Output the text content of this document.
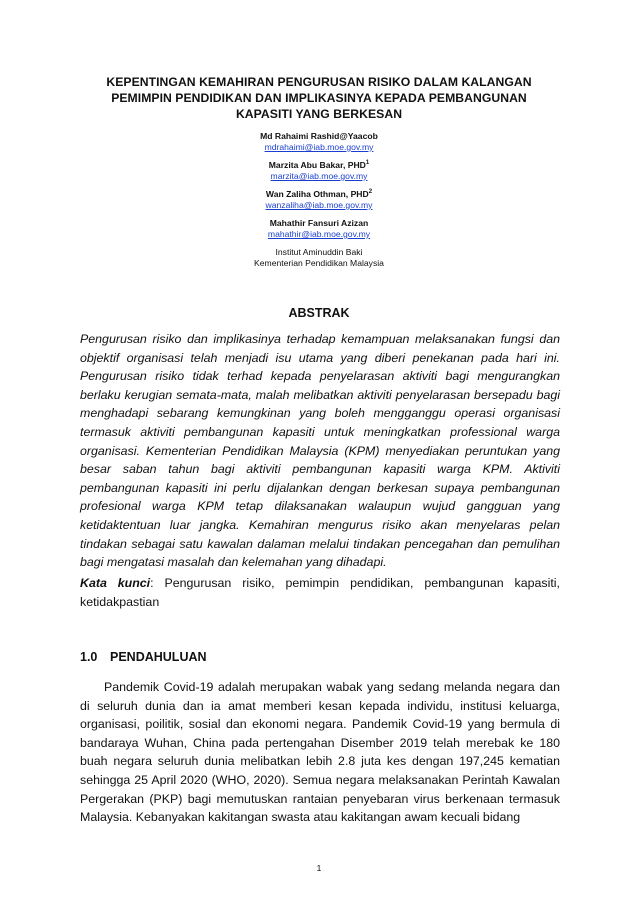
KEPENTINGAN KEMAHIRAN PENGURUSAN RISIKO DALAM KALANGAN
PEMIMPIN PENDIDIKAN DAN IMPLIKASINYA KEPADA PEMBANGUNAN
KAPASITI YANG BERKESAN
Md Rahaimi Rashid@Yaacob
mdrahaimi@iab.moe.gov.my
Marzita Abu Bakar, PHD$^1$
marzita@iab.moe.gov.my
Wan Zaliha Othman, PHD$^2$
wanzaliha@iab.moe.gov.my
Mahathir Fansuri Azizan
mahathir@iab.moe.gov.my
Institut Aminuddin Baki
Kementerian Pendidikan Malaysia
ABSTRAK
Pengurusan risiko dan implikasinya terhadap kemampuan melaksanakan fungsi dan objektif organisasi telah menjadi isu utama yang diberi penekanan pada hari ini. Pengurusan risiko tidak terhad kepada penyelarasan aktiviti bagi mengurangkan berlaku kerugian semata-mata, malah melibatkan aktiviti penyelarasan bersepadu bagi menghadapi sebarang kemungkinan yang boleh mengganggu operasi organisasi termasuk aktiviti pembangunan kapasiti untuk meningkatkan professional warga organisasi. Kementerian Pendidikan Malaysia (KPM) menyediakan peruntukan yang besar saban tahun bagi aktiviti pembangunan kapasiti warga KPM. Aktiviti pembangunan kapasiti ini perlu dijalankan dengan berkesan supaya pembangunan profesional warga KPM tetap dilaksanakan walaupun wujud gangguan yang ketidaktentuan luar jangka. Kemahiran mengurus risiko akan menyelaras pelan tindakan sebagai satu kawalan dalaman melalui tindakan pencegahan dan pemulihan bagi mengatasi masalah dan kelemahan yang dihadapi.
Kata kunci: Pengurusan risiko, pemimpin pendidikan, pembangunan kapasiti, ketidakpastian
1.0 PENDAHULUAN
Pandemik Covid-19 adalah merupakan wabak yang sedang melanda negara dan di seluruh dunia dan ia amat memberi kesan kepada individu, institusi keluarga, organisasi, poilitik, sosial dan ekonomi negara. Pandemik Covid-19 yang bermula di bandaraya Wuhan, China pada pertengahan Disember 2019 telah merebak ke 180 buah negara seluruh dunia melibatkan lebih 2.8 juta kes dengan 197,245 kematian sehingga 25 April 2020 (WHO, 2020). Semua negara melaksanakan Perintah Kawalan Pergerakan (PKP) bagi memutuskan rantaian penyebaran virus berkenaan termasuk Malaysia. Kebanyakan kakitangan swasta atau kakitangan awam kecuali bidang
1
